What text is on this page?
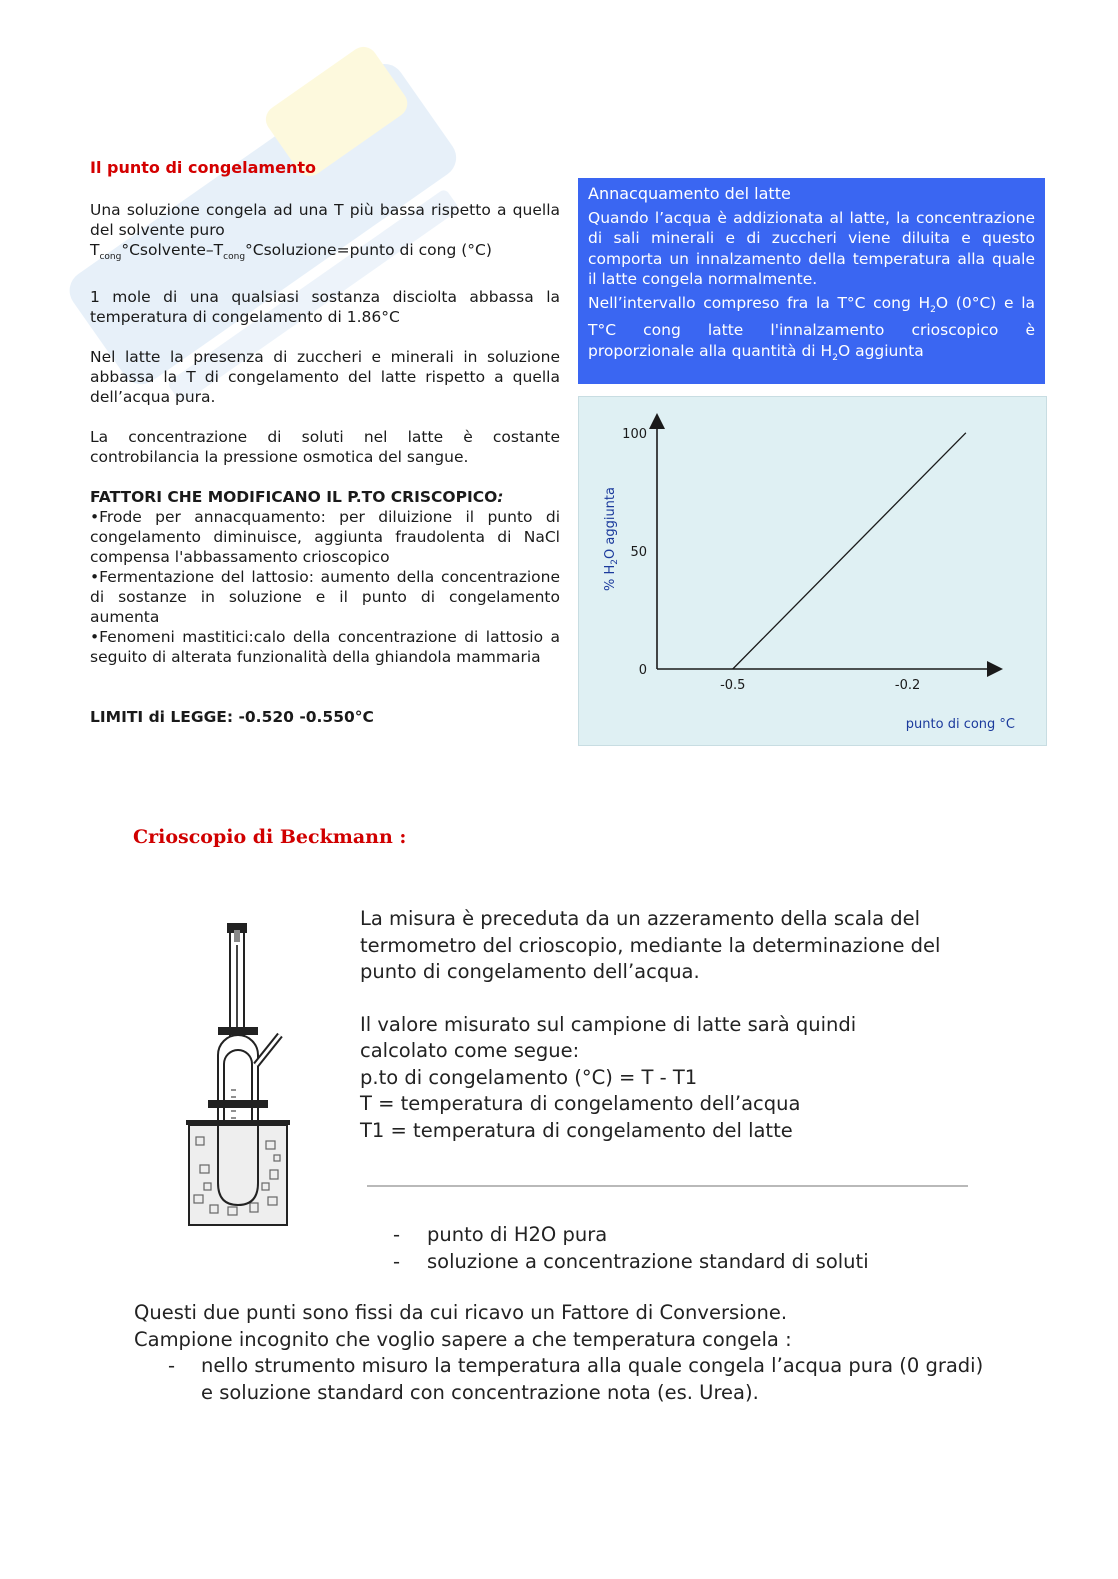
Il punto di congelamento

Una soluzione congela ad una T più bassa rispetto a quella del solvente puro
$T_{cong}^\circ Csolvente-T_{cong}^\circ Csoluzione=punto$ di cong (°C)

1 mole di una qualsiasi sostanza disciolta abbassa la temperatura di congelamento di 1.86°C

Nel latte la presenza di zuccheri e minerali in soluzione abbassa la T di congelamento del latte rispetto a quella dell’acqua pura.

La concentrazione di soluti nel latte è costante controbilancia la pressione osmotica del sangue.

FATTORI CHE MODIFICANO IL P.TO CRISCOPICO:

•Frode per annacquamento: per diluizione il punto di congelamento diminuisce, aggiunta fraudolenta di NaCl compensa l'abbassamento crioscopico

•Fermentazione del lattosio: aumento della concentrazione di sostanze in soluzione e il punto di congelamento aumenta

•Fenomeni mastitici:calo della concentrazione di lattosio a seguito di alterata funzionalità della ghiandola mammaria

LIMITI di LEGGE: -0.520 -0.550°C

Annacquamento del latte

Quando l’acqua è addizionata al latte, la concentrazione di sali minerali e di zuccheri viene diluita e questo comporta un innalzamento della temperatura alla quale il latte congela normalmente.

Nell’intervallo compreso fra la T°C cong $H_2O$ (0°C) e la T°C cong latte l'innalzamento crioscopico è proporzionale alla quantità di $H_2O$ aggiunta

% $H_2O$ aggiunta
punto di cong °C
100
50
0
-0.5	-0.2
Crioscopio di Beckmann :

La misura è preceduta da un azzeramento della scala del termometro del crioscopio, mediante la determinazione del punto di congelamento dell’acqua.

Il valore misurato sul campione di latte sarà quindi
calcolato come segue:
p.to di congelamento (°C) = T - T1
T = temperatura di congelamento dell’acqua
T1 = temperatura di congelamento del latte
-	punto di H2O pura
-	soluzione a concentrazione standard di soluti

Questi due punti sono fissi da cui ricavo un Fattore di Conversione.

Campione incognito che voglio sapere a che temperatura congela :

-	nello strumento misuro la temperatura alla quale congela l’acqua pura (0 gradi) e soluzione standard con concentrazione nota (es. Urea).
